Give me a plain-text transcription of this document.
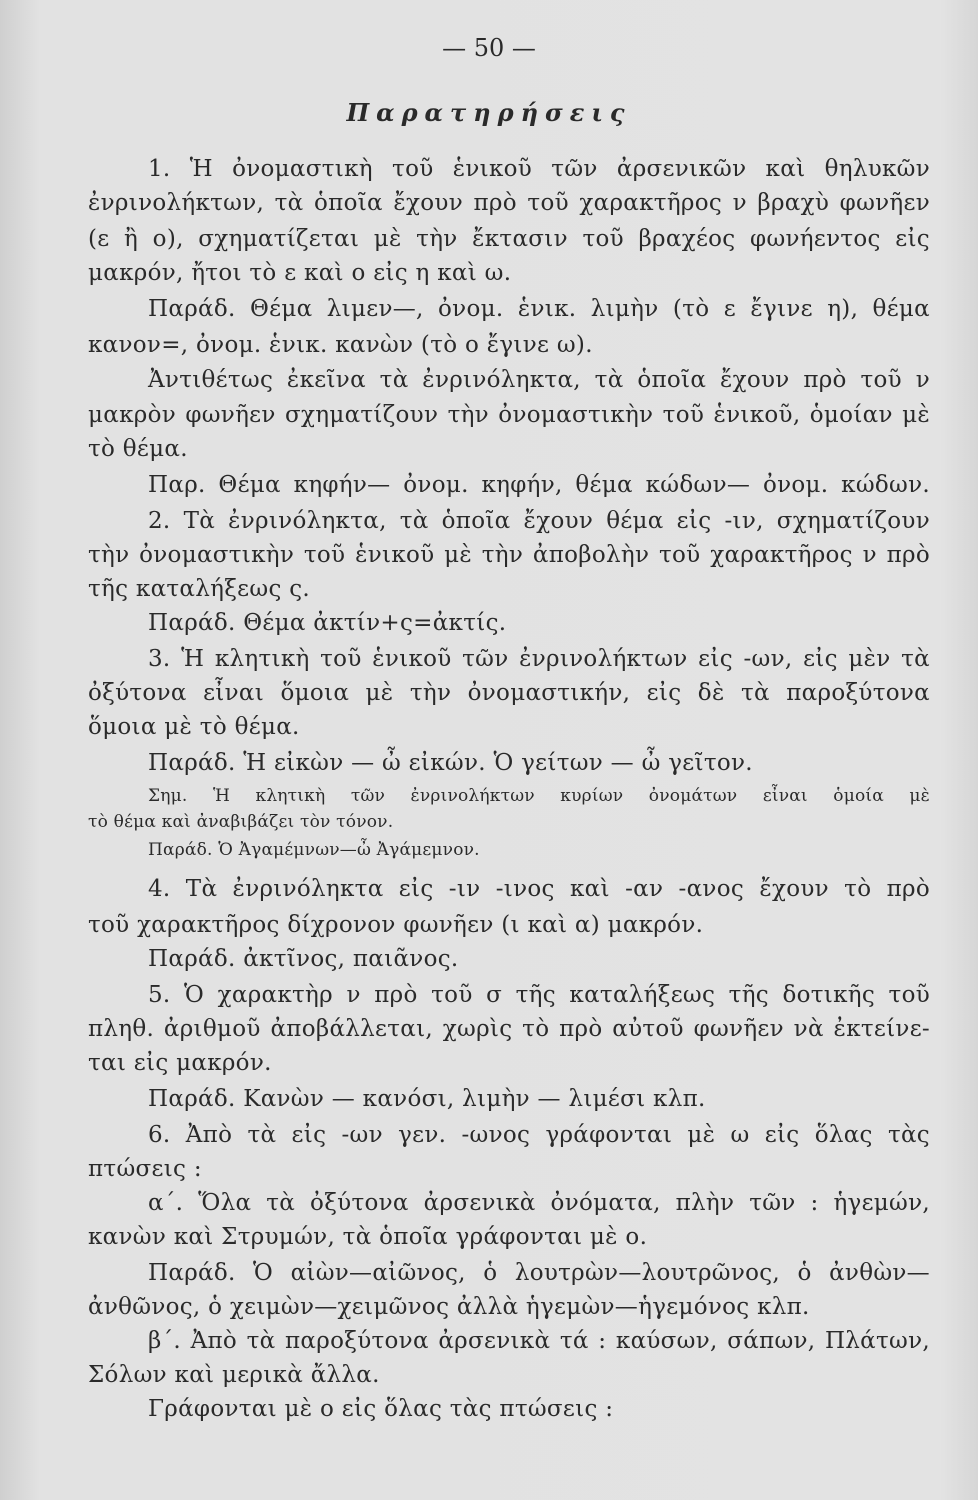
— 50 —
Παρατηρήσεις
1. Ἡ ὀνομαστικὴ τοῦ ἑνικοῦ τῶν ἀρσενικῶν καὶ θηλυκῶν
ἐνρινολήκτων, τὰ ὁποῖα ἔχουν πρὸ τοῦ χαρακτῆρος ν βραχὺ φωνῆεν
(ε ἢ ο), σχηματίζεται μὲ τὴν ἔκτασιν τοῦ βραχέος φωνήεντος εἰς
μακρόν, ἤτοι τὸ ε καὶ ο εἰς η καὶ ω.
Παράδ. Θέμα λιμεν—, ὀνομ. ἑνικ. λιμὴν (τὸ ε ἔγινε η), θέμα
κανον=, ὀνομ. ἑνικ. κανὼν (τὸ ο ἔγινε ω).
Ἀντιθέτως ἐκεῖνα τὰ ἐνρινόληκτα, τὰ ὁποῖα ἔχουν πρὸ τοῦ ν
μακρὸν φωνῆεν σχηματίζουν τὴν ὀνομαστικὴν τοῦ ἑνικοῦ, ὁμοίαν μὲ
τὸ θέμα.
Παρ. Θέμα κηφήν— ὀνομ. κηφήν, θέμα κώδων— ὀνομ. κώδων.
2. Τὰ ἐνρινόληκτα, τὰ ὁποῖα ἔχουν θέμα εἰς -ιν, σχηματίζουν
τὴν ὀνομαστικὴν τοῦ ἑνικοῦ μὲ τὴν ἀποβολὴν τοῦ χαρακτῆρος ν πρὸ
τῆς καταλήξεως ς.
Παράδ. Θέμα ἀκτίν+ς=ἀκτίς.
3. Ἡ κλητικὴ τοῦ ἑνικοῦ τῶν ἐνρινολήκτων εἰς -ων, εἰς μὲν τὰ
ὀξύτονα εἶναι ὅμοια μὲ τὴν ὀνομαστικήν, εἰς δὲ τὰ παροξύτονα
ὅμοια μὲ τὸ θέμα.
Παράδ. Ἡ εἰκὼν — ὦ εἰκών. Ὁ γείτων — ὦ γεῖτον.
Σημ. Ἡ κλητικὴ τῶν ἐνρινολήκτων κυρίων ὀνομάτων εἶναι ὁμοία μὲ
τὸ θέμα καὶ ἀναβιβάζει τὸν τόνον.
Παράδ. Ὁ Ἀγαμέμνων—ὦ Ἀγάμεμνον.
4. Τὰ ἐνρινόληκτα εἰς -ιν -ινος καὶ -αν -ανος ἔχουν τὸ πρὸ
τοῦ χαρακτῆρος δίχρονον φωνῆεν (ι καὶ α) μακρόν.
Παράδ. ἀκτῖνος, παιᾶνος.
5. Ὁ χαρακτὴρ ν πρὸ τοῦ σ τῆς καταλήξεως τῆς δοτικῆς τοῦ
πληθ. ἀριθμοῦ ἀποβάλλεται, χωρὶς τὸ πρὸ αὐτοῦ φωνῆεν νὰ ἐκτείνε-
ται εἰς μακρόν.
Παράδ. Κανὼν — κανόσι, λιμὴν — λιμέσι κλπ.
6. Ἀπὸ τὰ εἰς -ων γεν. -ωνος γράφονται μὲ ω εἰς ὅλας τὰς
πτώσεις :
α΄. Ὅλα τὰ ὀξύτονα ἀρσενικὰ ὀνόματα, πλὴν τῶν : ἡγεμών,
κανὼν καὶ Στρυμών, τὰ ὁποῖα γράφονται μὲ ο.
Παράδ. Ὁ αἰὼν—αἰῶνος, ὁ λουτρὼν—λουτρῶνος, ὁ ἀνθὼν—
ἀνθῶνος, ὁ χειμὼν—χειμῶνος ἀλλὰ ἡγεμὼν—ἡγεμόνος κλπ.
β΄. Ἀπὸ τὰ παροξύτονα ἀρσενικὰ τά : καύσων, σάπων, Πλάτων,
Σόλων καὶ μερικὰ ἄλλα.
Γράφονται μὲ ο εἰς ὅλας τὰς πτώσεις :
